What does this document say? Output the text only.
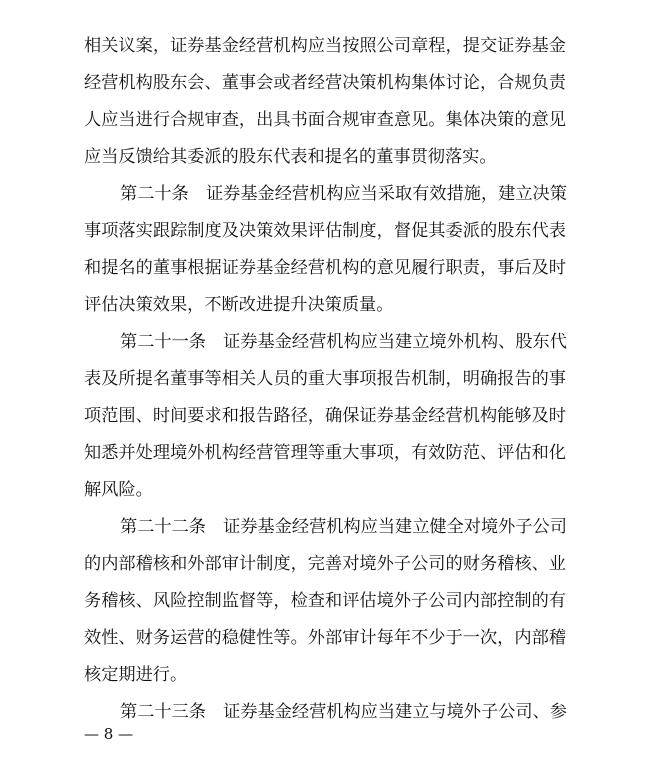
相关议案，证券基金经营机构应当按照公司章程，提交证券基金
经营机构股东会、董事会或者经营决策机构集体讨论，合规负责
人应当进行合规审查，出具书面合规审查意见。集体决策的意见
应当反馈给其委派的股东代表和提名的董事贯彻落实。
第二十条　证券基金经营机构应当采取有效措施，建立决策
事项落实跟踪制度及决策效果评估制度，督促其委派的股东代表
和提名的董事根据证券基金经营机构的意见履行职责，事后及时
评估决策效果，不断改进提升决策质量。
第二十一条　证券基金经营机构应当建立境外机构、股东代
表及所提名董事等相关人员的重大事项报告机制，明确报告的事
项范围、时间要求和报告路径，确保证券基金经营机构能够及时
知悉并处理境外机构经营管理等重大事项，有效防范、评估和化
解风险。
第二十二条　证券基金经营机构应当建立健全对境外子公司
的内部稽核和外部审计制度，完善对境外子公司的财务稽核、业
务稽核、风险控制监督等，检查和评估境外子公司内部控制的有
效性、财务运营的稳健性等。外部审计每年不少于一次，内部稽
核定期进行。
第二十三条　证券基金经营机构应当建立与境外子公司、参
— 8 —
